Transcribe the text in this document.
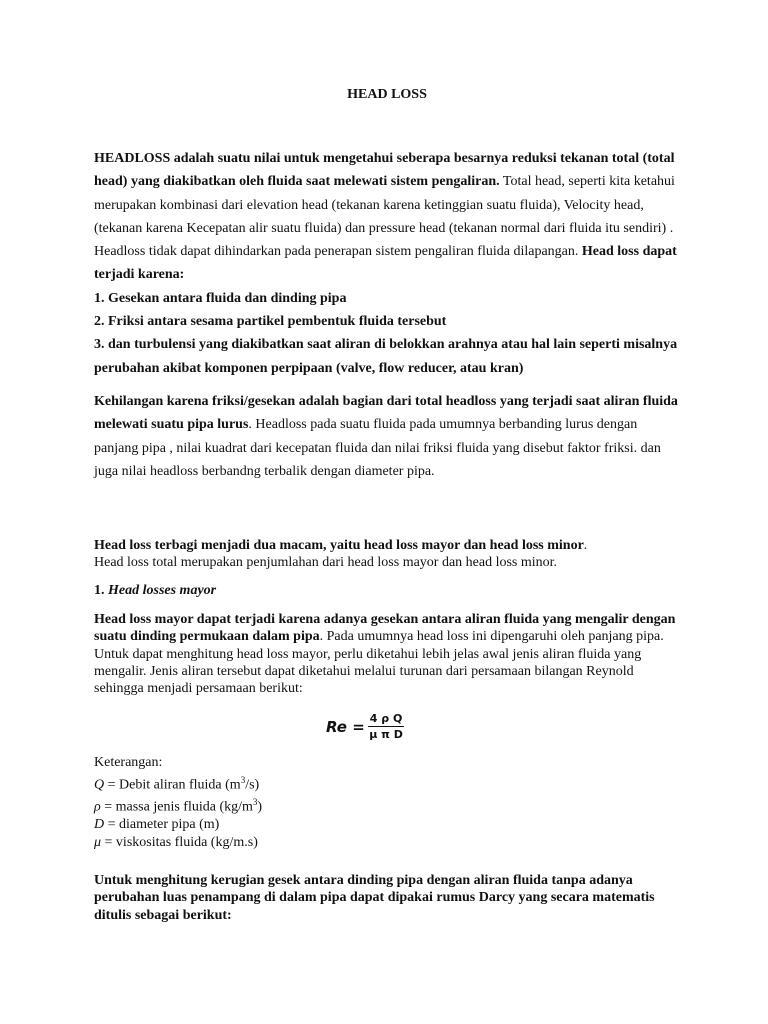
HEAD LOSS

HEADLOSS adalah suatu nilai untuk mengetahui seberapa besarnya reduksi tekanan total (total head) yang diakibatkan oleh fluida saat melewati sistem pengaliran. Total head, seperti kita ketahui merupakan kombinasi dari elevation head (tekanan karena ketinggian suatu fluida), Velocity head, (tekanan karena Kecepatan alir suatu fluida) dan pressure head (tekanan normal dari fluida itu sendiri) . Headloss tidak dapat dihindarkan pada penerapan sistem pengaliran fluida dilapangan. Head loss dapat terjadi karena:

1. Gesekan antara fluida dan dinding pipa

2. Friksi antara sesama partikel pembentuk fluida tersebut

3. dan turbulensi yang diakibatkan saat aliran di belokkan arahnya atau hal lain seperti misalnya perubahan akibat komponen perpipaan (valve, flow reducer, atau kran)

Kehilangan karena friksi/gesekan adalah bagian dari total headloss yang terjadi saat aliran fluida melewati suatu pipa lurus. Headloss pada suatu fluida pada umumnya berbanding lurus dengan panjang pipa , nilai kuadrat dari kecepatan fluida dan nilai friksi fluida yang disebut faktor friksi. dan juga nilai headloss berbandng terbalik dengan diameter pipa.

Head loss terbagi menjadi dua macam, yaitu head loss mayor dan head loss minor.

Head loss total merupakan penjumlahan dari head loss mayor dan head loss minor.

1. Head losses mayor

Head loss mayor dapat terjadi karena adanya gesekan antara aliran fluida yang mengalir dengan suatu dinding permukaan dalam pipa. Pada umumnya head loss ini dipengaruhi oleh panjang pipa. Untuk dapat menghitung head loss mayor, perlu diketahui lebih jelas awal jenis aliran fluida yang mengalir. Jenis aliran tersebut dapat diketahui melalui turunan dari persamaan bilangan Reynold sehingga menjadi persamaan berikut:

$Re = \frac{\text{4 ρ Q}}{\text{μ π D}}$
Keterangan:
Q = Debit aliran fluida $(m^3/s)$
ρ = massa jenis fluida $(kg/m^3)$
D = diameter pipa (m)
μ = viskositas fluida (kg/m.s)

Untuk menghitung kerugian gesek antara dinding pipa dengan aliran fluida tanpa adanya perubahan luas penampang di dalam pipa dapat dipakai rumus Darcy yang secara matematis ditulis sebagai berikut:
